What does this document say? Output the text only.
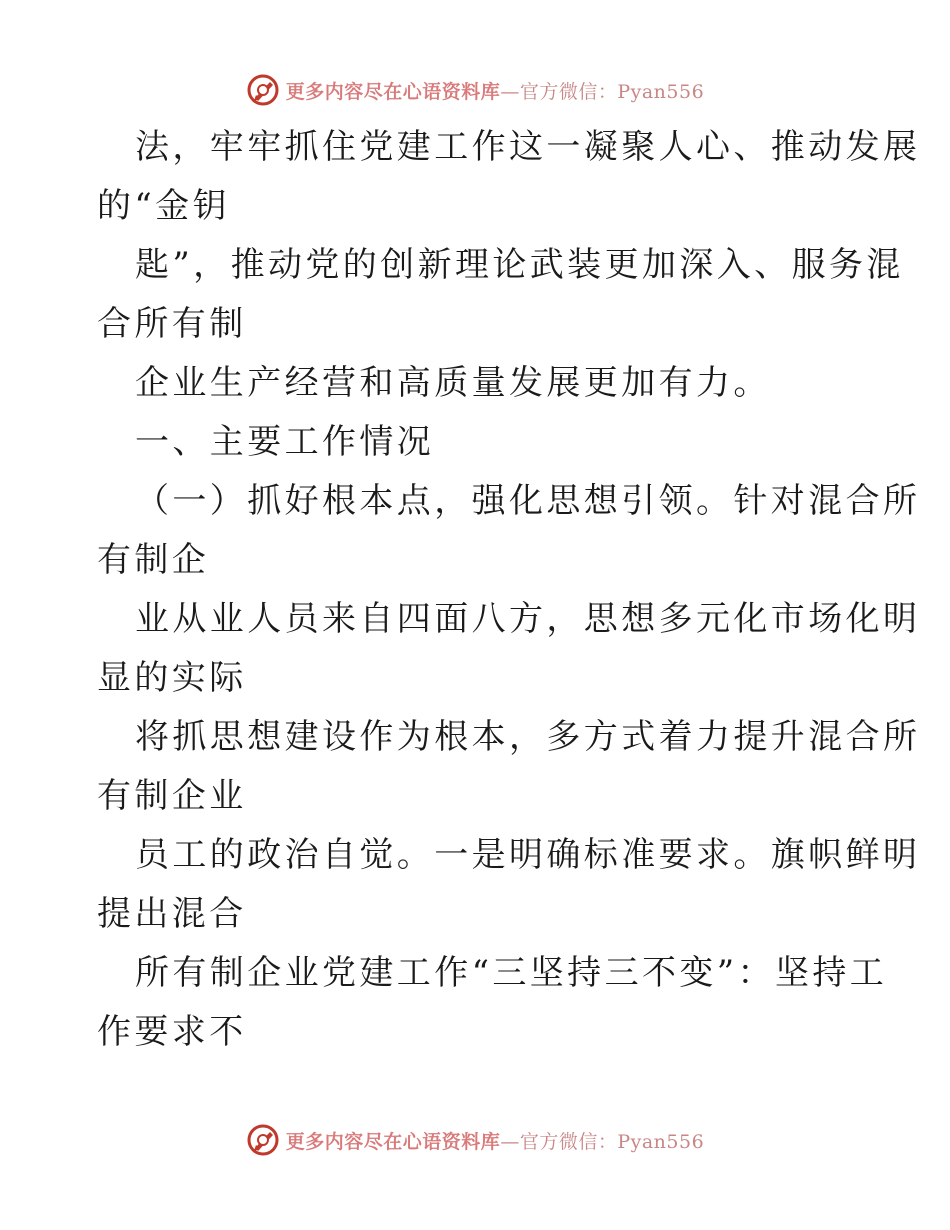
更多内容尽在心语资料库—官方微信：Pyan556
法，牢牢抓住党建工作这一凝聚人心、推动发展
的“金钥
匙”，推动党的创新理论武装更加深入、服务混
合所有制
企业生产经营和高质量发展更加有力。
一、主要工作情况
（一）抓好根本点，强化思想引领。针对混合所
有制企
业从业人员来自四面八方，思想多元化市场化明
显的实际
将抓思想建设作为根本，多方式着力提升混合所
有制企业
员工的政治自觉。一是明确标准要求。旗帜鲜明
提出混合
所有制企业党建工作“三坚持三不变”：坚持工
作要求不
更多内容尽在心语资料库—官方微信：Pyan556
